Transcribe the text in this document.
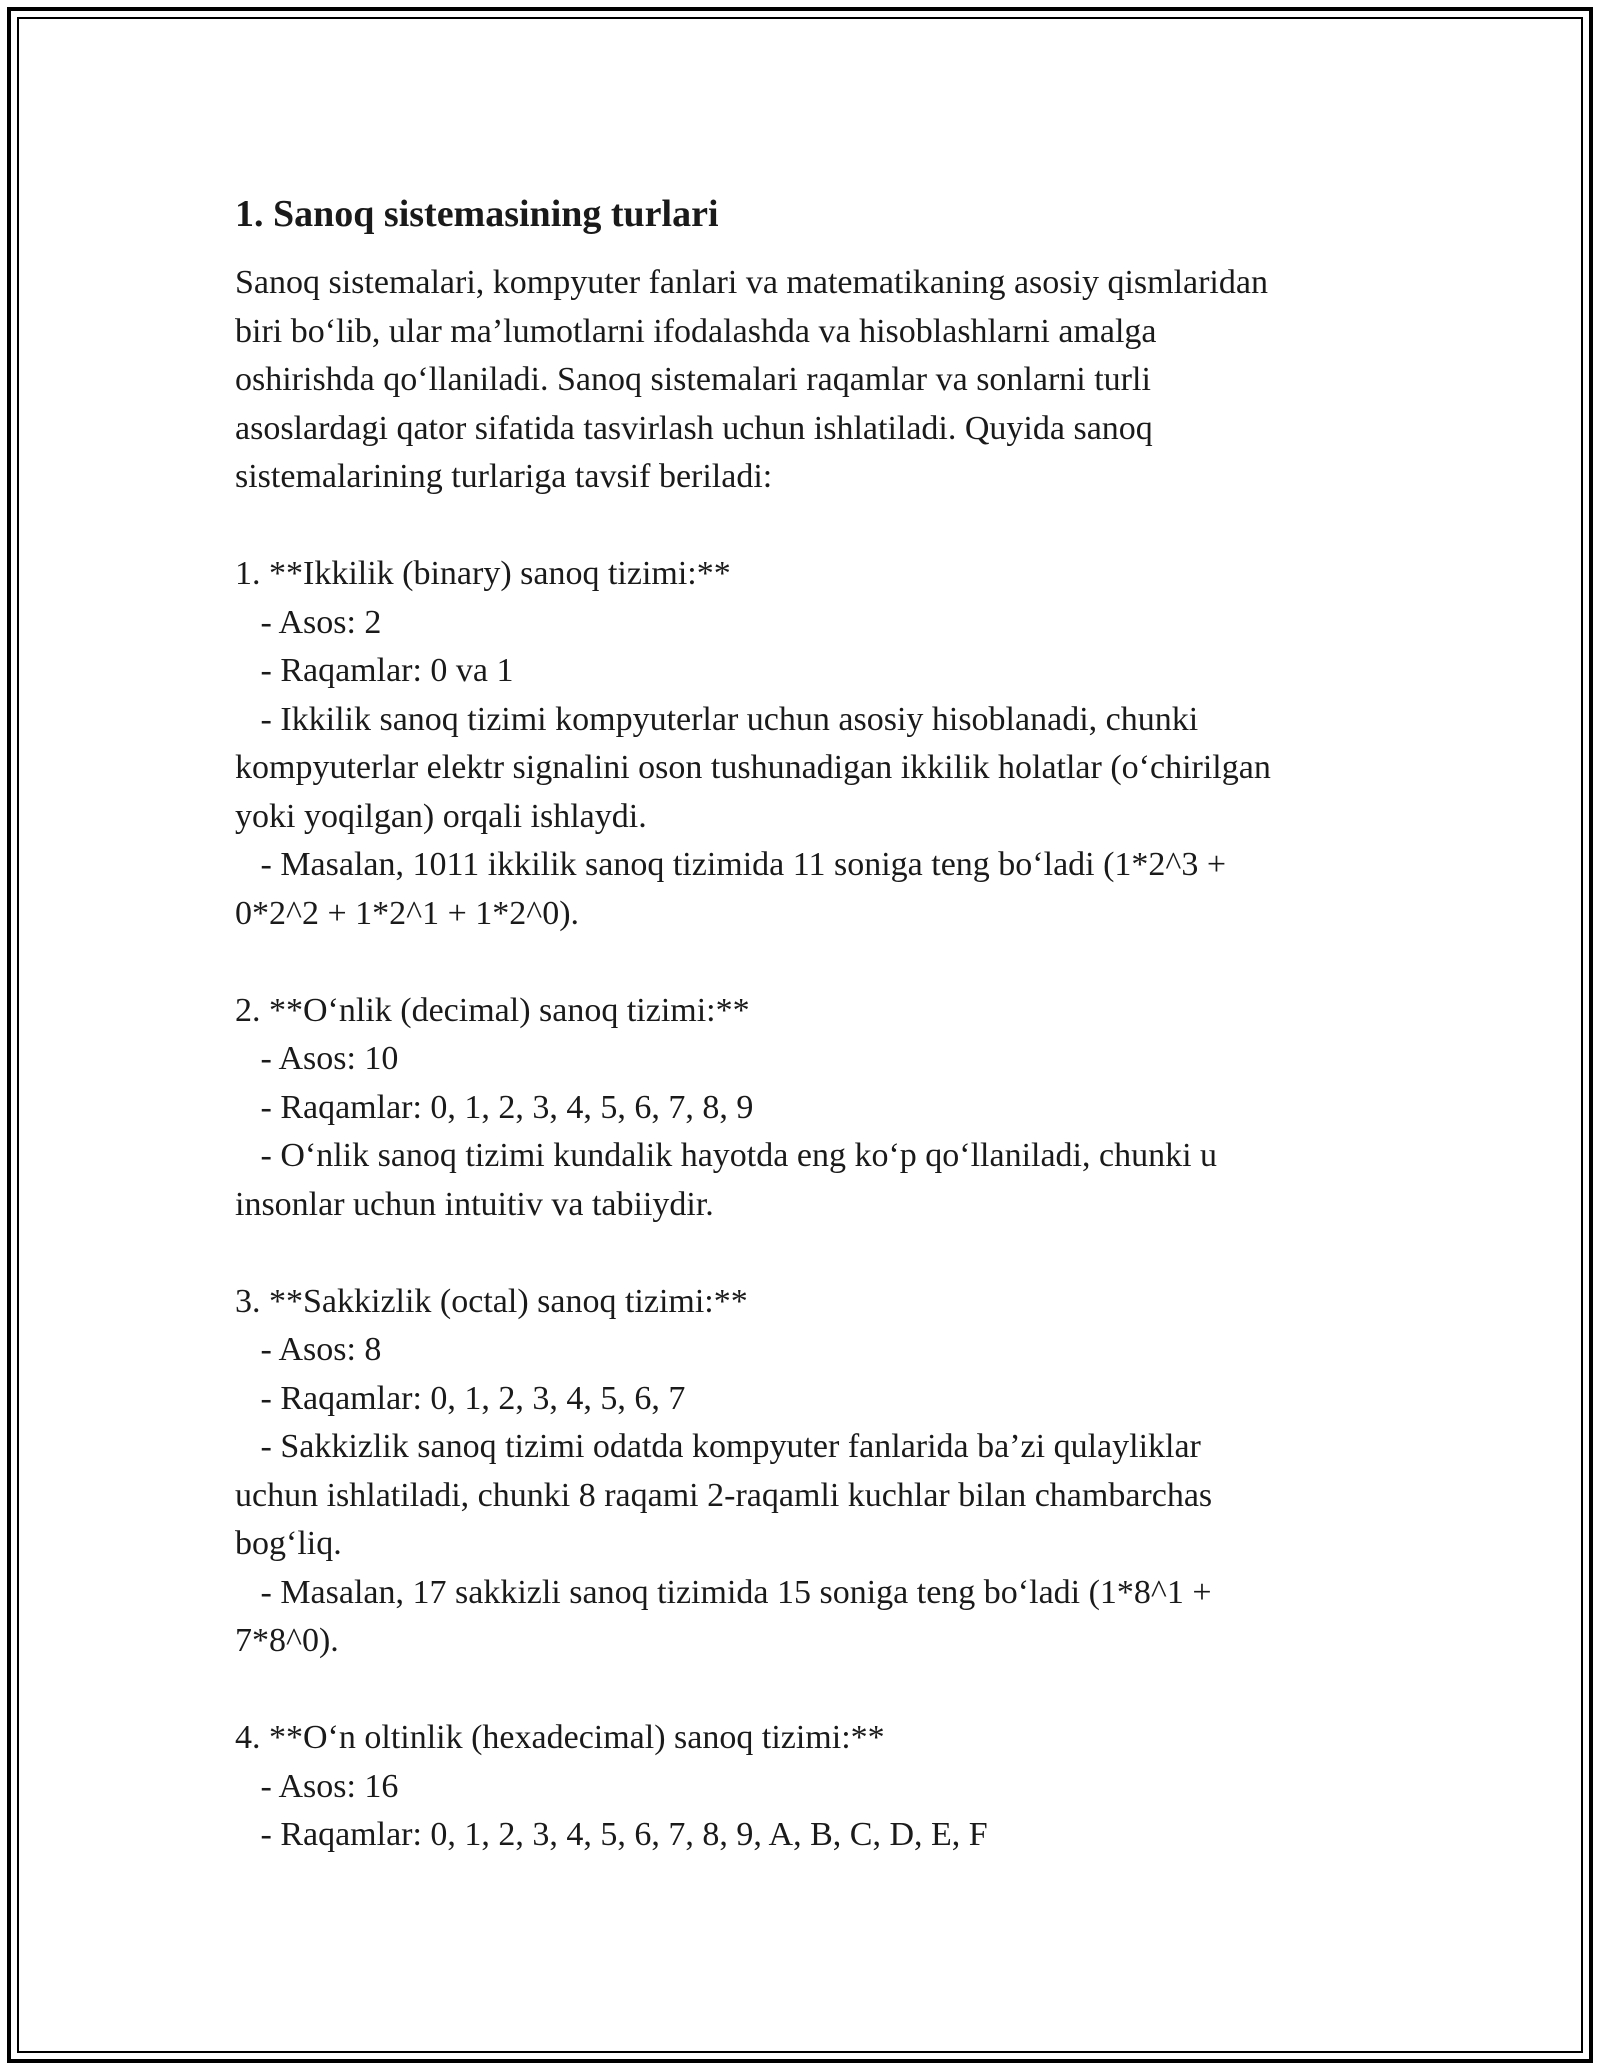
1. Sanoq sistemasining turlari

Sanoq sistemalari, kompyuter fanlari va matematikaning asosiy qismlaridan
biri bo‘lib, ular ma’lumotlarni ifodalashda va hisoblashlarni amalga
oshirishda qo‘llaniladi. Sanoq sistemalari raqamlar va sonlarni turli
asoslardagi qator sifatida tasvirlash uchun ishlatiladi. Quyida sanoq
sistemalarining turlariga tavsif beriladi:

1. **Ikkilik (binary) sanoq tizimi:**

- Asos: 2
- Raqamlar: 0 va 1
- Ikkilik sanoq tizimi kompyuterlar uchun asosiy hisoblanadi, chunki
kompyuterlar elektr signalini oson tushunadigan ikkilik holatlar (o‘chirilgan
yoki yoqilgan) orqali ishlaydi.
- Masalan, 1011 ikkilik sanoq tizimida 11 soniga teng bo‘ladi (1*2^3 +
0*2^2 + 1*2^1 + 1*2^0).

2. **O‘nlik (decimal) sanoq tizimi:**

- Asos: 10
- Raqamlar: 0, 1, 2, 3, 4, 5, 6, 7, 8, 9
- O‘nlik sanoq tizimi kundalik hayotda eng ko‘p qo‘llaniladi, chunki u
insonlar uchun intuitiv va tabiiydir.

3. **Sakkizlik (octal) sanoq tizimi:**

- Asos: 8
- Raqamlar: 0, 1, 2, 3, 4, 5, 6, 7
- Sakkizlik sanoq tizimi odatda kompyuter fanlarida ba’zi qulayliklar
uchun ishlatiladi, chunki 8 raqami 2-raqamli kuchlar bilan chambarchas
bog‘liq.
- Masalan, 17 sakkizli sanoq tizimida 15 soniga teng bo‘ladi (1*8^1 +
7*8^0).

4. **O‘n oltinlik (hexadecimal) sanoq tizimi:**

- Asos: 16
- Raqamlar: 0, 1, 2, 3, 4, 5, 6, 7, 8, 9, A, B, C, D, E, F
